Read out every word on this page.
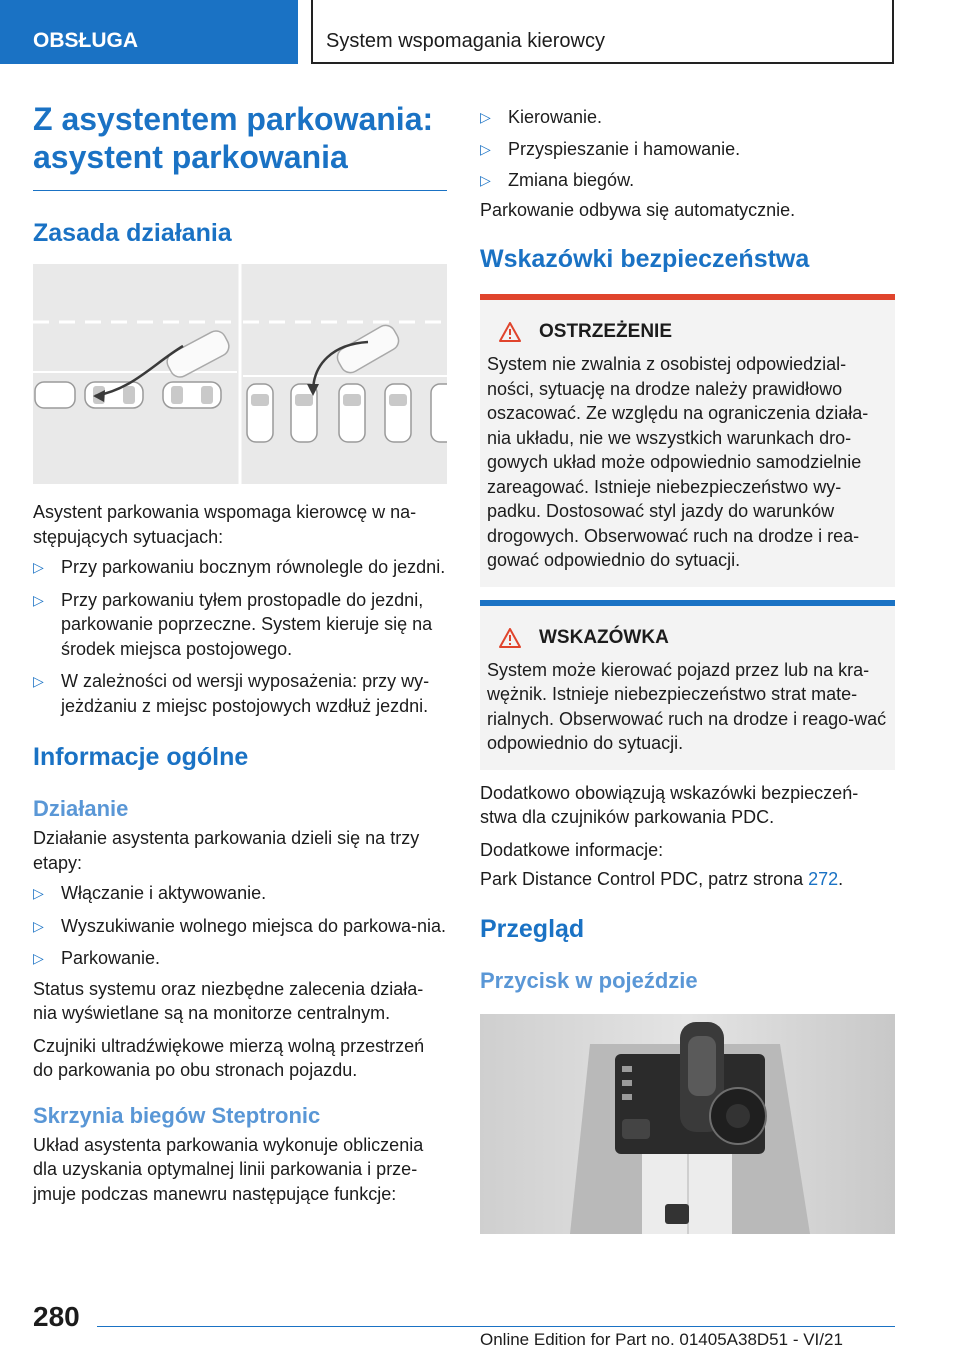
OBSŁUGA	System wspomagania kierowcy
Z asystentem parkowania: asystent parkowania
Zasada działania

Asystent parkowania wspomaga kierowcę w na-stępujących sytuacjach:

▷ Przy parkowaniu bocznym równolegle do jezdni.
▷ Przy parkowaniu tyłem prostopadle do jezdni, parkowanie poprzeczne. System kieruje się na środek miejsca postojowego.
▷ W zależności od wersji wyposażenia: przy wy-jeżdżaniu z miejsc postojowych wzdłuż jezdni.
Informacje ogólne
Działanie

Działanie asystenta parkowania dzieli się na trzy etapy:

▷ Włączanie i aktywowanie.
▷ Wyszukiwanie wolnego miejsca do parkowa-nia.
▷ Parkowanie.

Status systemu oraz niezbędne zalecenia działa-nia wyświetlane są na monitorze centralnym.

Czujniki ultradźwiękowe mierzą wolną przestrzeń do parkowania po obu stronach pojazdu.

Skrzynia biegów Steptronic

Układ asystenta parkowania wykonuje obliczenia dla uzyskania optymalnej linii parkowania i prze-jmuje podczas manewru następujące funkcje:

▷ Kierowanie.
▷ Przyspieszanie i hamowanie.
▷ Zmiana biegów.

Parkowanie odbywa się automatycznie.

Wskazówki bezpieczeństwa
OSTRZEŻENIE

System nie zwalnia z osobistej odpowiedzial-ności, sytuację na drodze należy prawidłowo oszacować. Ze względu na ograniczenia działa-nia układu, nie we wszystkich warunkach dro-gowych układ może odpowiednio samodzielnie zareagować. Istnieje niebezpieczeństwo wy-padku. Dostosować styl jazdy do warunków drogowych. Obserwować ruch na drodze i rea-gować odpowiednio do sytuacji.

WSKAZÓWKA

System może kierować pojazd przez lub na kra-wężnik. Istnieje niebezpieczeństwo strat mate-rialnych. Obserwować ruch na drodze i reago-wać odpowiednio do sytuacji.

Dodatkowo obowiązują wskazówki bezpieczeń-stwa dla czujników parkowania PDC.

Dodatkowe informacje:

Park Distance Control PDC, patrz strona 272.

Przegląd
Przycisk w pojeździe
280
Online Edition for Part no. 01405A38D51 - VI/21
